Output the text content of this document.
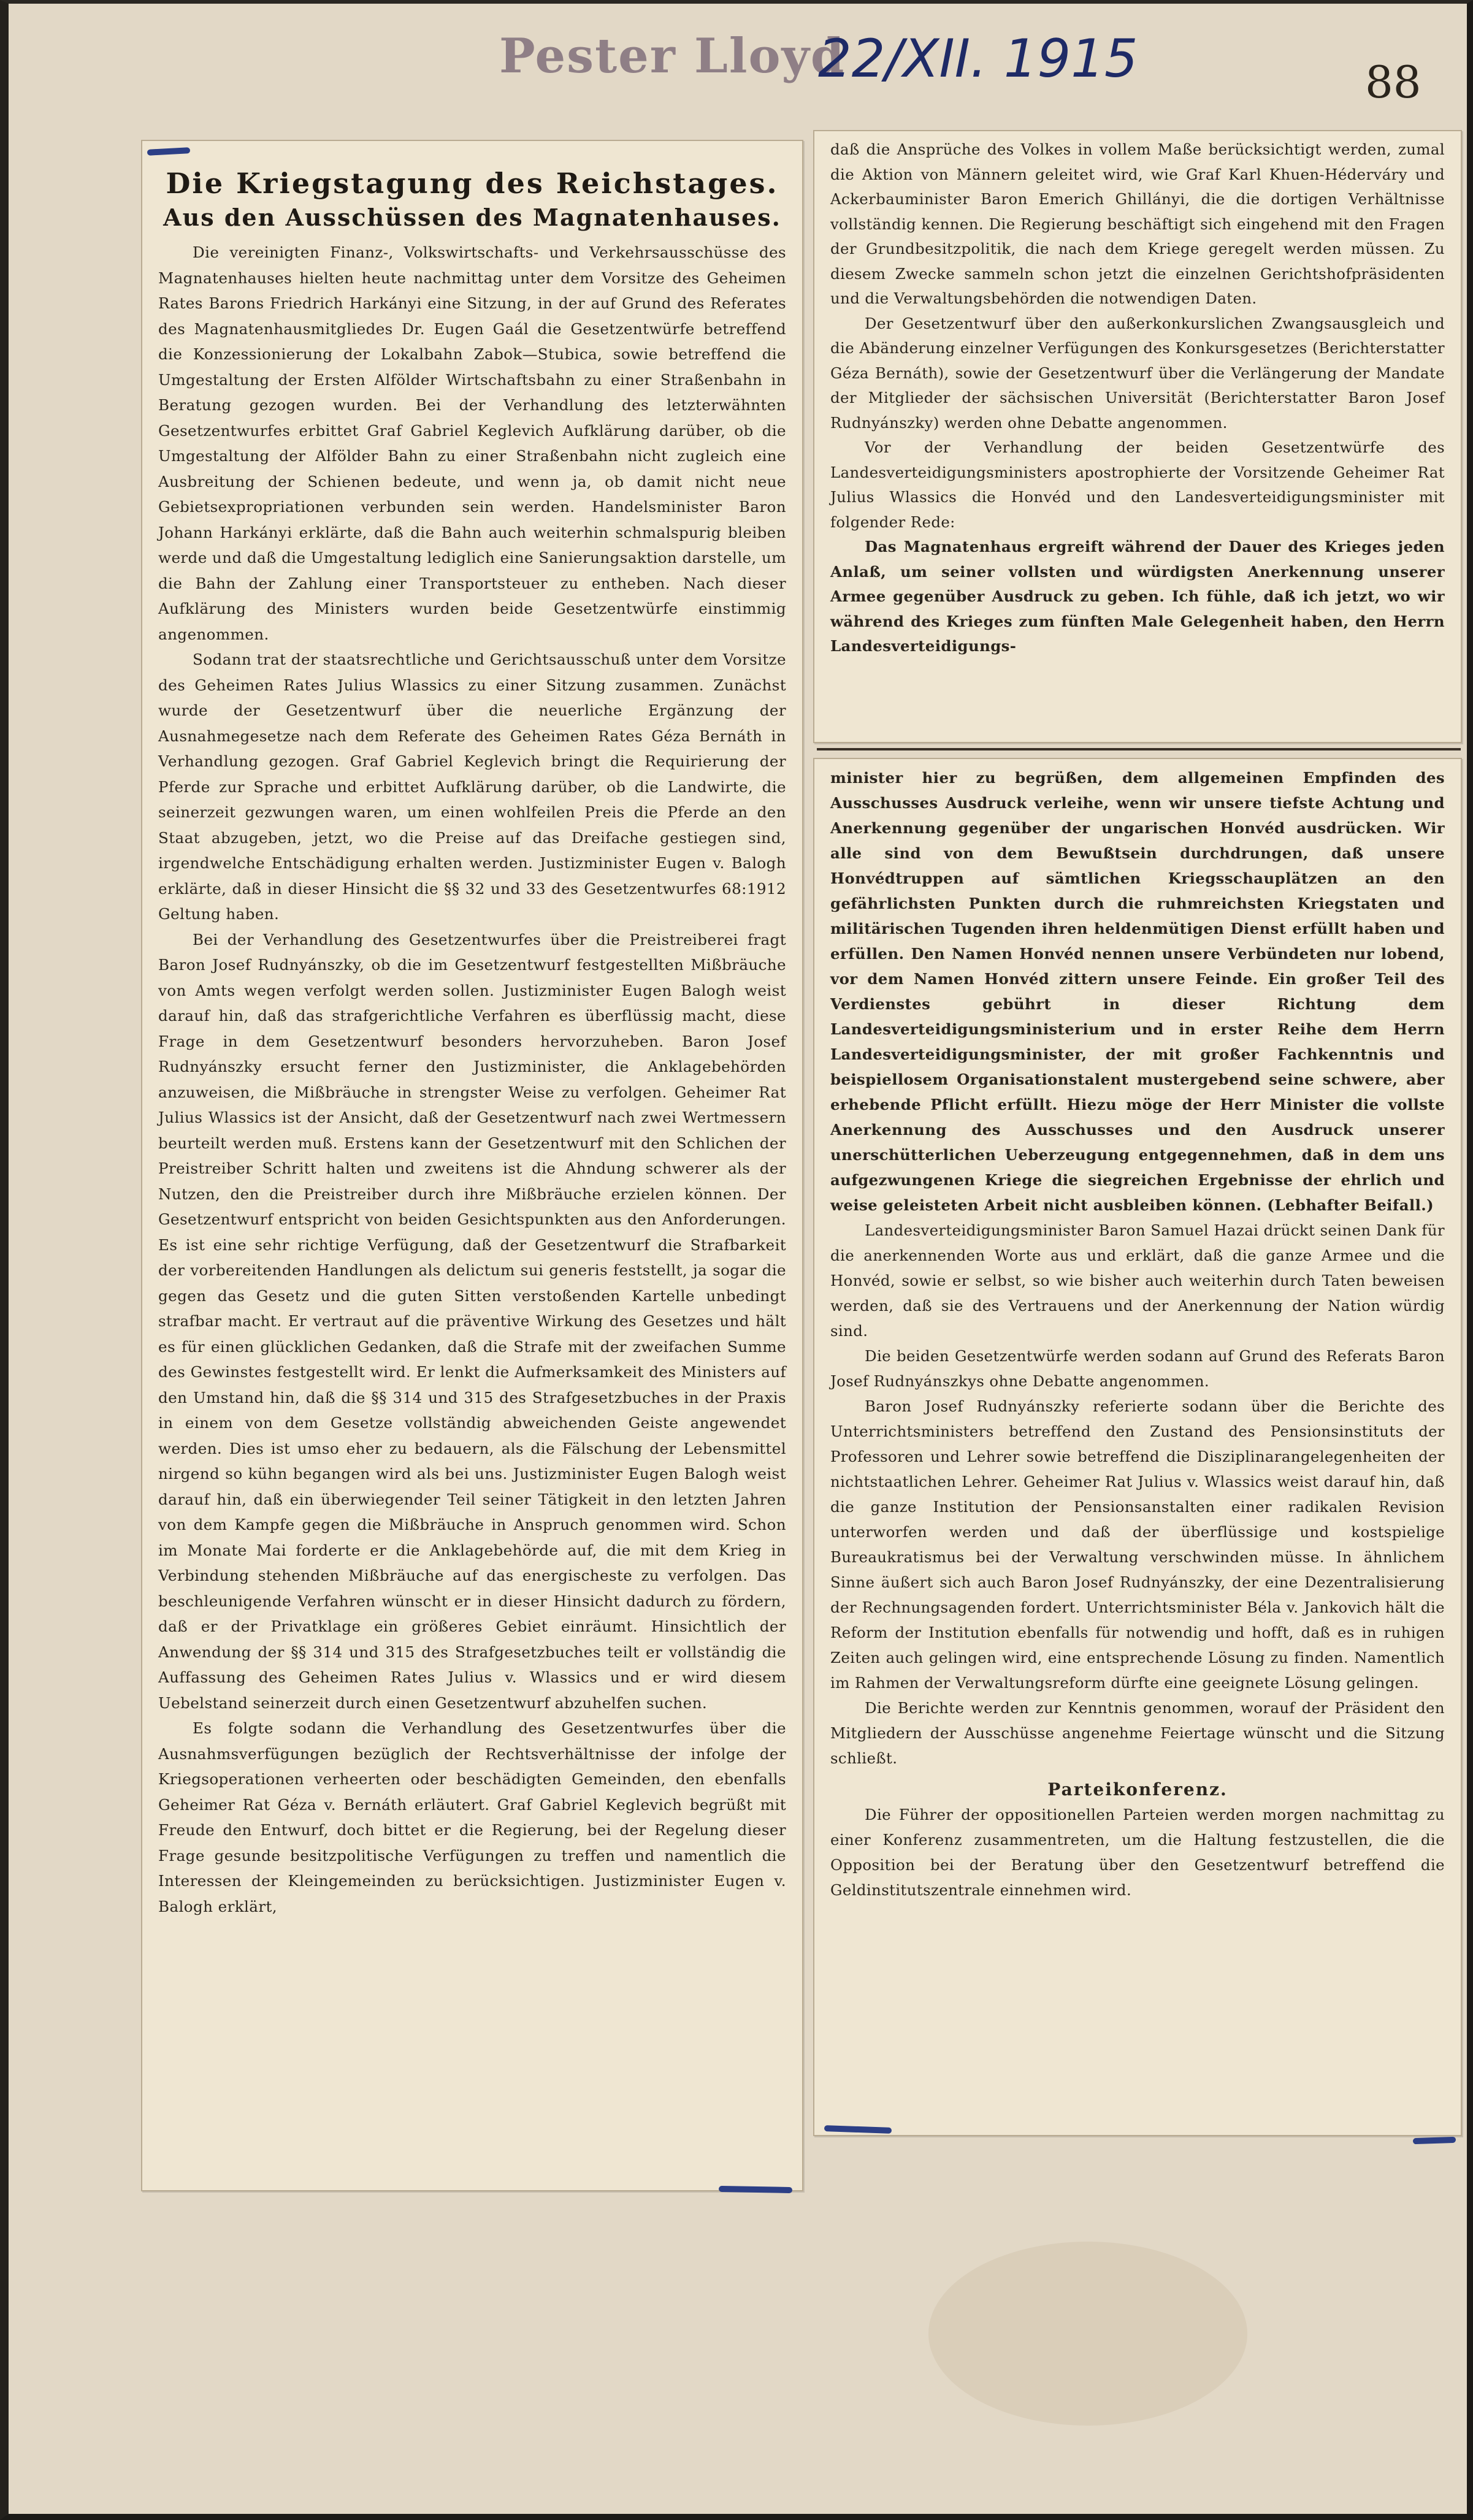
Pester Lloyd
22/XII. 1915	88
Die Kriegstagung des Reichstages.
Aus den Ausschüssen des Magnatenhauses.

Die vereinigten Finanz-, Volkswirtschafts- und Verkehrsausschüsse des Magnatenhauses hielten heute nachmittag unter dem Vorsitze des Geheimen Rates Barons Friedrich Harkányi eine Sitzung, in der auf Grund des Referates des Magnatenhausmitgliedes Dr. Eugen Gaál die Gesetzentwürfe betreffend die Konzessionierung der Lokalbahn Zabok—Stubica, sowie betreffend die Umgestaltung der Ersten Alfölder Wirtschaftsbahn zu einer Straßenbahn in Beratung gezogen wurden. Bei der Verhandlung des letzterwähnten Gesetzentwurfes erbittet Graf Gabriel Keglevich Aufklärung darüber, ob die Umgestaltung der Alfölder Bahn zu einer Straßenbahn nicht zugleich eine Ausbreitung der Schienen bedeute, und wenn ja, ob damit nicht neue Gebietsexpropriationen verbunden sein werden. Handelsminister Baron Johann Harkányi erklärte, daß die Bahn auch weiterhin schmalspurig bleiben werde und daß die Umgestaltung lediglich eine Sanierungsaktion darstelle, um die Bahn der Zahlung einer Transportsteuer zu entheben. Nach dieser Aufklärung des Ministers wurden beide Gesetzentwürfe einstimmig angenommen.

Sodann trat der staatsrechtliche und Gerichtsausschuß unter dem Vorsitze des Geheimen Rates Julius Wlassics zu einer Sitzung zusammen. Zunächst wurde der Gesetzentwurf über die neuerliche Ergänzung der Ausnahmegesetze nach dem Referate des Geheimen Rates Géza Bernáth in Verhandlung gezogen. Graf Gabriel Keglevich bringt die Requirierung der Pferde zur Sprache und erbittet Aufklärung darüber, ob die Landwirte, die seinerzeit gezwungen waren, um einen wohlfeilen Preis die Pferde an den Staat abzugeben, jetzt, wo die Preise auf das Dreifache gestiegen sind, irgendwelche Entschädigung erhalten werden. Justizminister Eugen v. Balogh erklärte, daß in dieser Hinsicht die §§ 32 und 33 des Gesetzentwurfes 68:1912 Geltung haben.

Bei der Verhandlung des Gesetzentwurfes über die Preistreiberei fragt Baron Josef Rudnyánszky, ob die im Gesetzentwurf festgestellten Mißbräuche von Amts wegen verfolgt werden sollen. Justizminister Eugen Balogh weist darauf hin, daß das strafgerichtliche Verfahren es überflüssig macht, diese Frage in dem Gesetzentwurf besonders hervorzuheben. Baron Josef Rudnyánszky ersucht ferner den Justizminister, die Anklagebehörden anzuweisen, die Mißbräuche in strengster Weise zu verfolgen. Geheimer Rat Julius Wlassics ist der Ansicht, daß der Gesetzentwurf nach zwei Wertmessern beurteilt werden muß. Erstens kann der Gesetzentwurf mit den Schlichen der Preistreiber Schritt halten und zweitens ist die Ahndung schwerer als der Nutzen, den die Preistreiber durch ihre Mißbräuche erzielen können. Der Gesetzentwurf entspricht von beiden Gesichtspunkten aus den Anforderungen. Es ist eine sehr richtige Verfügung, daß der Gesetzentwurf die Strafbarkeit der vorbereitenden Handlungen als delictum sui generis feststellt, ja sogar die gegen das Gesetz und die guten Sitten verstoßenden Kartelle unbedingt strafbar macht. Er vertraut auf die präventive Wirkung des Gesetzes und hält es für einen glücklichen Gedanken, daß die Strafe mit der zweifachen Summe des Gewinstes festgestellt wird. Er lenkt die Aufmerksamkeit des Ministers auf den Umstand hin, daß die §§ 314 und 315 des Strafgesetzbuches in der Praxis in einem von dem Gesetze vollständig abweichenden Geiste angewendet werden. Dies ist umso eher zu bedauern, als die Fälschung der Lebensmittel nirgend so kühn begangen wird als bei uns. Justizminister Eugen Balogh weist darauf hin, daß ein überwiegender Teil seiner Tätigkeit in den letzten Jahren von dem Kampfe gegen die Mißbräuche in Anspruch genommen wird. Schon im Monate Mai forderte er die Anklagebehörde auf, die mit dem Krieg in Verbindung stehenden Mißbräuche auf das energischeste zu verfolgen. Das beschleunigende Verfahren wünscht er in dieser Hinsicht dadurch zu fördern, daß er der Privatklage ein größeres Gebiet einräumt. Hinsichtlich der Anwendung der §§ 314 und 315 des Strafgesetzbuches teilt er vollständig die Auffassung des Geheimen Rates Julius v. Wlassics und er wird diesem Uebelstand seinerzeit durch einen Gesetzentwurf abzuhelfen suchen.

Es folgte sodann die Verhandlung des Gesetzentwurfes über die Ausnahmsverfügungen bezüglich der Rechtsverhältnisse der infolge der Kriegsoperationen verheerten oder beschädigten Gemeinden, den ebenfalls Geheimer Rat Géza v. Bernáth erläutert. Graf Gabriel Keglevich begrüßt mit Freude den Entwurf, doch bittet er die Regierung, bei der Regelung dieser Frage gesunde besitzpolitische Verfügungen zu treffen und namentlich die Interessen der Kleingemeinden zu berücksichtigen. Justizminister Eugen v. Balogh erklärt,

daß die Ansprüche des Volkes in vollem Maße berücksichtigt werden, zumal die Aktion von Männern geleitet wird, wie Graf Karl Khuen-Héderváry und Ackerbauminister Baron Emerich Ghillányi, die die dortigen Verhältnisse vollständig kennen. Die Regierung beschäftigt sich eingehend mit den Fragen der Grundbesitzpolitik, die nach dem Kriege geregelt werden müssen. Zu diesem Zwecke sammeln schon jetzt die einzelnen Gerichtshofpräsidenten und die Verwaltungsbehörden die notwendigen Daten.

Der Gesetzentwurf über den außerkonkurslichen Zwangsausgleich und die Abänderung einzelner Verfügungen des Konkursgesetzes (Berichterstatter Géza Bernáth), sowie der Gesetzentwurf über die Verlängerung der Mandate der Mitglieder der sächsischen Universität (Berichterstatter Baron Josef Rudnyánszky) werden ohne Debatte angenommen.

Vor der Verhandlung der beiden Gesetzentwürfe des Landesverteidigungsministers apostrophierte der Vorsitzende Geheimer Rat Julius Wlassics die Honvéd und den Landesverteidigungsminister mit folgender Rede:

Das Magnatenhaus ergreift während der Dauer des Krieges jeden Anlaß, um seiner vollsten und würdigsten Anerkennung unserer Armee gegenüber Ausdruck zu geben. Ich fühle, daß ich jetzt, wo wir während des Krieges zum fünften Male Gelegenheit haben, den Herrn Landesverteidigungs-

minister hier zu begrüßen, dem allgemeinen Empfinden des Ausschusses Ausdruck verleihe, wenn wir unsere tiefste Achtung und Anerkennung gegenüber der ungarischen Honvéd ausdrücken. Wir alle sind von dem Bewußtsein durchdrungen, daß unsere Honvédtruppen auf sämtlichen Kriegsschauplätzen an den gefährlichsten Punkten durch die ruhmreichsten Kriegstaten und militärischen Tugenden ihren heldenmütigen Dienst erfüllt haben und erfüllen. Den Namen Honvéd nennen unsere Verbündeten nur lobend, vor dem Namen Honvéd zittern unsere Feinde. Ein großer Teil des Verdienstes gebührt in dieser Richtung dem Landesverteidigungsministerium und in erster Reihe dem Herrn Landesverteidigungsminister, der mit großer Fachkenntnis und beispiellosem Organisationstalent mustergebend seine schwere, aber erhebende Pflicht erfüllt. Hiezu möge der Herr Minister die vollste Anerkennung des Ausschusses und den Ausdruck unserer unerschütterlichen Ueberzeugung entgegennehmen, daß in dem uns aufgezwungenen Kriege die siegreichen Ergebnisse der ehrlich und weise geleisteten Arbeit nicht ausbleiben können. (Lebhafter Beifall.)

Landesverteidigungsminister Baron Samuel Hazai drückt seinen Dank für die anerkennenden Worte aus und erklärt, daß die ganze Armee und die Honvéd, sowie er selbst, so wie bisher auch weiterhin durch Taten beweisen werden, daß sie des Vertrauens und der Anerkennung der Nation würdig sind.

Die beiden Gesetzentwürfe werden sodann auf Grund des Referats Baron Josef Rudnyánszkys ohne Debatte angenommen.

Baron Josef Rudnyánszky referierte sodann über die Berichte des Unterrichtsministers betreffend den Zustand des Pensionsinstituts der Professoren und Lehrer sowie betreffend die Disziplinarangelegenheiten der nichtstaatlichen Lehrer. Geheimer Rat Julius v. Wlassics weist darauf hin, daß die ganze Institution der Pensionsanstalten einer radikalen Revision unterworfen werden und daß der überflüssige und kostspielige Bureaukratismus bei der Verwaltung verschwinden müsse. In ähnlichem Sinne äußert sich auch Baron Josef Rudnyánszky, der eine Dezentralisierung der Rechnungsagenden fordert. Unterrichtsminister Béla v. Jankovich hält die Reform der Institution ebenfalls für notwendig und hofft, daß es in ruhigen Zeiten auch gelingen wird, eine entsprechende Lösung zu finden. Namentlich im Rahmen der Verwaltungsreform dürfte eine geeignete Lösung gelingen.

Die Berichte werden zur Kenntnis genommen, worauf der Präsident den Mitgliedern der Ausschüsse angenehme Feiertage wünscht und die Sitzung schließt.

Parteikonferenz.

Die Führer der oppositionellen Parteien werden morgen nachmittag zu einer Konferenz zusammentreten, um die Haltung festzustellen, die die Opposition bei der Beratung über den Gesetzentwurf betreffend die Geldinstitutszentrale einnehmen wird.
